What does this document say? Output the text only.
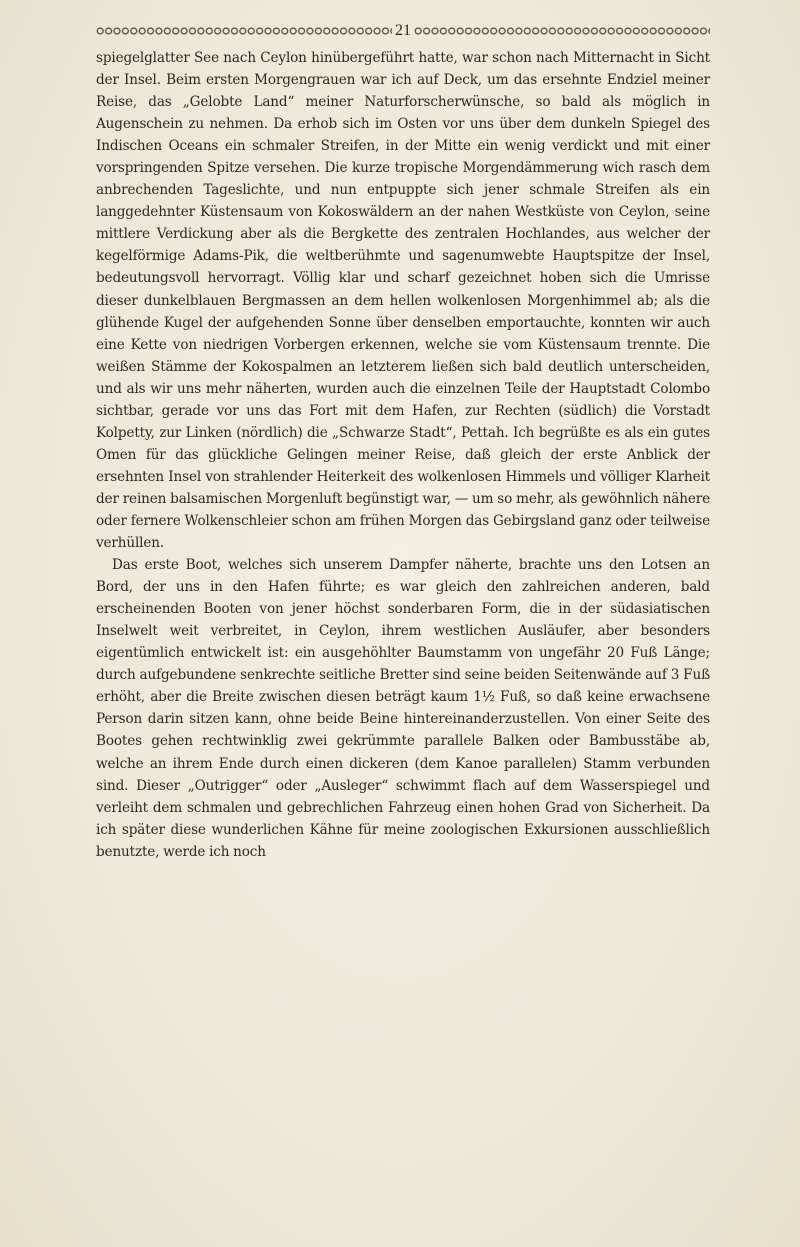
21

spiegelglatter See nach Ceylon hinübergeführt hatte, war schon nach Mitternacht in Sicht der Insel. Beim ersten Morgengrauen war ich auf Deck, um das ersehnte Endziel meiner Reise, das „Gelobte Land“ meiner Naturforscherwünsche, so bald als möglich in Augenschein zu nehmen. Da erhob sich im Osten vor uns über dem dunkeln Spiegel des Indischen Oceans ein schmaler Streifen, in der Mitte ein wenig verdickt und mit einer vorspringenden Spitze versehen. Die kurze tropische Morgendämmerung wich rasch dem anbrechenden Tageslichte, und nun entpuppte sich jener schmale Streifen als ein langgedehnter Küstensaum von Kokoswäldern an der nahen Westküste von Ceylon, seine mittlere Verdickung aber als die Bergkette des zentralen Hochlandes, aus welcher der kegelförmige Adams-Pik, die weltberühmte und sagenumwebte Hauptspitze der Insel, bedeutungsvoll hervorragt. Völlig klar und scharf gezeichnet hoben sich die Umrisse dieser dunkelblauen Bergmassen an dem hellen wolkenlosen Morgenhimmel ab; als die glühende Kugel der aufgehenden Sonne über denselben emportauchte, konnten wir auch eine Kette von niedrigen Vorbergen erkennen, welche sie vom Küstensaum trennte. Die weißen Stämme der Kokospalmen an letzterem ließen sich bald deutlich unterscheiden, und als wir uns mehr näherten, wurden auch die einzelnen Teile der Hauptstadt Colombo sichtbar, gerade vor uns das Fort mit dem Hafen, zur Rechten (südlich) die Vorstadt Kolpetty, zur Linken (nördlich) die „Schwarze Stadt“, Pettah. Ich begrüßte es als ein gutes Omen für das glückliche Gelingen meiner Reise, daß gleich der erste Anblick der ersehnten Insel von strahlender Heiterkeit des wolkenlosen Himmels und völliger Klarheit der reinen balsamischen Morgenluft begünstigt war, — um so mehr, als gewöhnlich nähere oder fernere Wolkenschleier schon am frühen Morgen das Gebirgsland ganz oder teilweise verhüllen.

Das erste Boot, welches sich unserem Dampfer näherte, brachte uns den Lotsen an Bord, der uns in den Hafen führte; es war gleich den zahlreichen anderen, bald erscheinenden Booten von jener höchst sonderbaren Form, die in der südasiatischen Inselwelt weit verbreitet, in Ceylon, ihrem westlichen Ausläufer, aber besonders eigentümlich entwickelt ist: ein ausgehöhlter Baumstamm von ungefähr 20 Fuß Länge; durch aufgebundene senkrechte seitliche Bretter sind seine beiden Seitenwände auf 3 Fuß erhöht, aber die Breite zwischen diesen beträgt kaum 1½ Fuß, so daß keine erwachsene Person darin sitzen kann, ohne beide Beine hintereinanderzustellen. Von einer Seite des Bootes gehen rechtwinklig zwei gekrümmte parallele Balken oder Bambusstäbe ab, welche an ihrem Ende durch einen dickeren (dem Kanoe parallelen) Stamm verbunden sind. Dieser „Outrigger“ oder „Ausleger“ schwimmt flach auf dem Wasserspiegel und verleiht dem schmalen und gebrechlichen Fahrzeug einen hohen Grad von Sicherheit. Da ich später diese wunderlichen Kähne für meine zoologischen Exkursionen ausschließlich benutzte, werde ich noch
